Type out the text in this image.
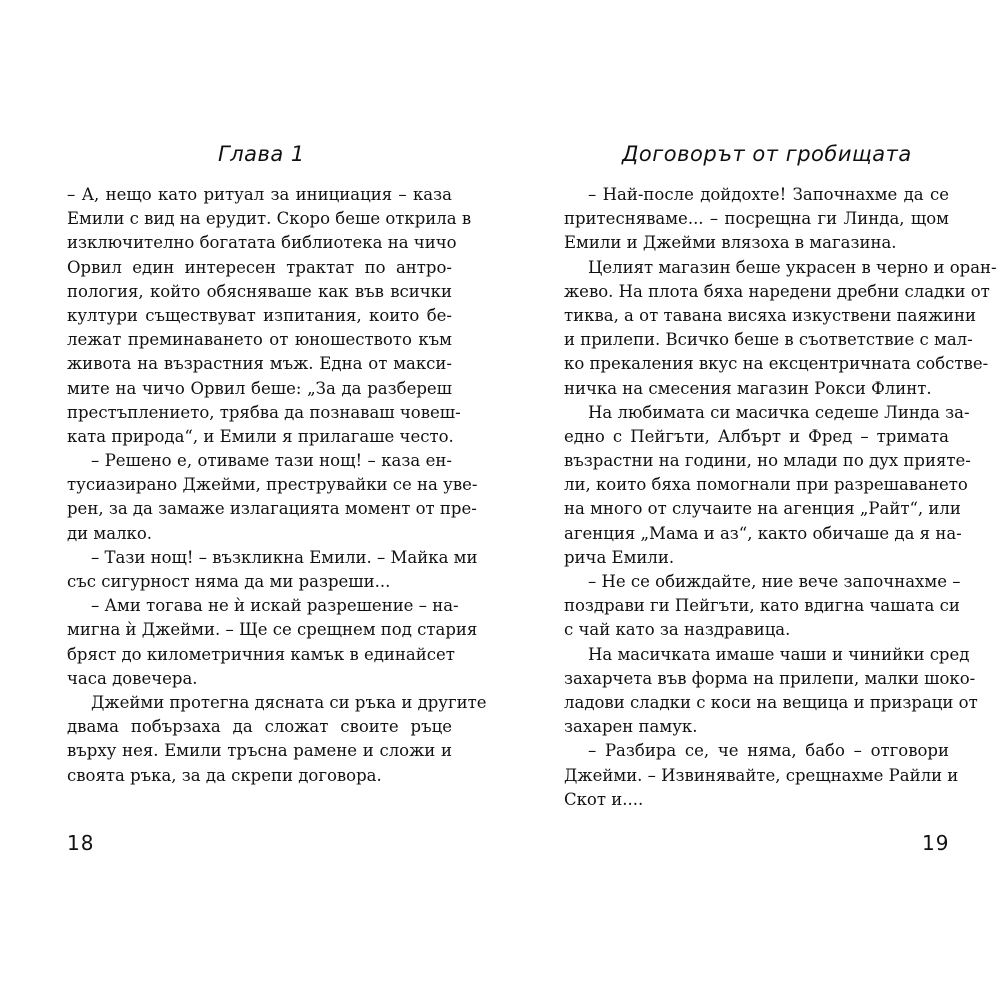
Глава 1
– А, нещо като ритуал за инициация – каза
Емили с вид на ерудит. Скоро беше открила в
изключително богатата библиотека на чичо
Орвил един интересен трактат по антро-
пология, който обясняваше как във всички
култури съществуват изпитания, които бе-
лежат преминаването от юношеството към
живота на възрастния мъж. Една от макси-
мите на чичо Орвил беше: „За да разбереш
престъплението, трябва да познаваш човеш-
ката природа“, и Емили я прилагаше често.
– Решено е, отиваме тази нощ! – каза ен-
тусиазирано Джейми, преструвайки се на уве-
рен, за да замаже излагацията момент от пре-
ди малко.
– Тази нощ! – възкликна Емили. – Майка ми
със сигурност няма да ми разреши...
– Ами тогава не ѝ искай разрешение – на-
мигна ѝ Джейми. – Ще се срещнем под стария
бряст до километричния камък в единайсет
часа довечера.
Джейми протегна дясната си ръка и другите
двама побързаха да сложат своите ръце
върху нея. Емили тръсна рамене и сложи и
своята ръка, за да скрепи договора.
18
Договорът от гробищата
– Най-после дойдохте! Започнахме да се
притесняваме... – посрещна ги Линда, щом
Емили и Джейми влязоха в магазина.
Целият магазин беше украсен в черно и оран-
жево. На плота бяха наредени дребни сладки от
тиква, а от тавана висяха изкуствени паяжини
и прилепи. Всичко беше в съответствие с мал-
ко прекаления вкус на ексцентричната собстве-
ничка на смесения магазин Рокси Флинт.
На любимата си масичка седеше Линда за-
едно с Пейгъти, Албърт и Фред – тримата
възрастни на години, но млади по дух прияте-
ли, които бяха помогнали при разрешаването
на много от случаите на агенция „Райт“, или
агенция „Мама и аз“, както обичаше да я на-
рича Емили.
– Не се обиждайте, ние вече започнахме –
поздрави ги Пейгъти, като вдигна чашата си
с чай като за наздравица.
На масичката имаше чаши и чинийки сред
захарчета във форма на прилепи, малки шоко-
ладови сладки с коси на вещица и призраци от
захарен памук.
– Разбира се, че няма, бабо – отговори
Джейми. – Извинявайте, срещнахме Райли и
Скот и....
19
